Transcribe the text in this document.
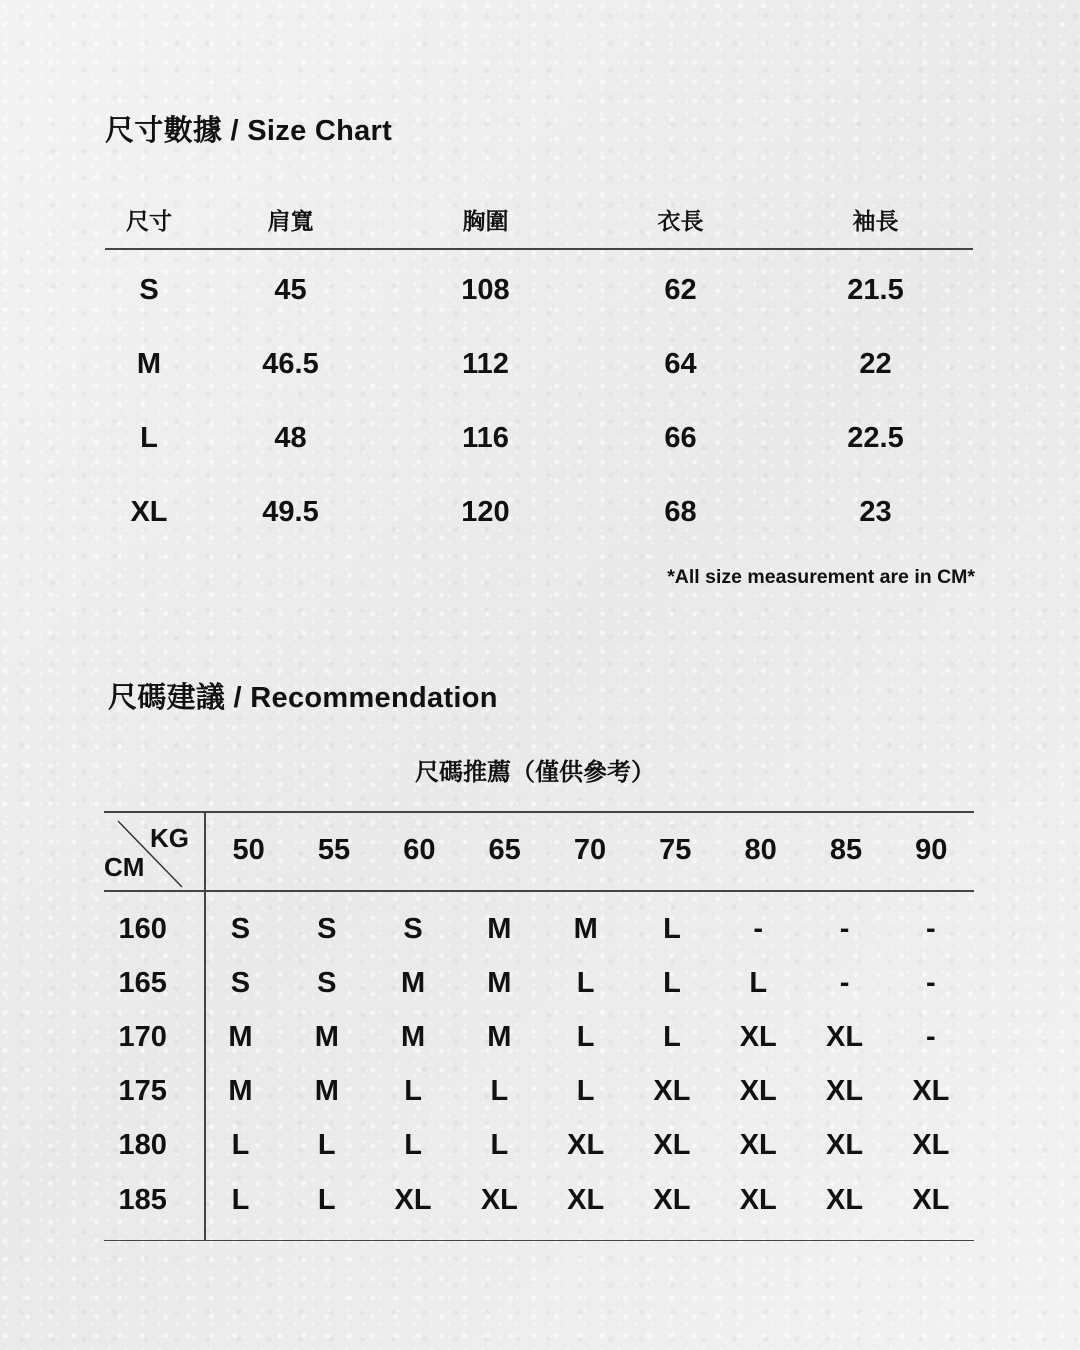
尺寸數據 / Size Chart
尺寸	肩寬	胸圍	衣長	袖長
S	45	108	62	21.5
M	46.5	112	64	22
L	48	116	66	22.5
XL	49.5	120	68	23
*All size measurement are in CM*
尺碼建議 / Recommendation
尺碼推薦（僅供參考）
KG
CM
50	55	60	65	70	75	80	85	90
160	S	S	S	M	M	L	-	-	-
165	S	S	M	M	L	L	L	-	-
170	M	M	M	M	L	L	XL	XL	-
175	M	M	L	L	L	XL	XL	XL	XL
180	L	L	L	L	XL	XL	XL	XL	XL
185	L	L	XL	XL	XL	XL	XL	XL	XL
